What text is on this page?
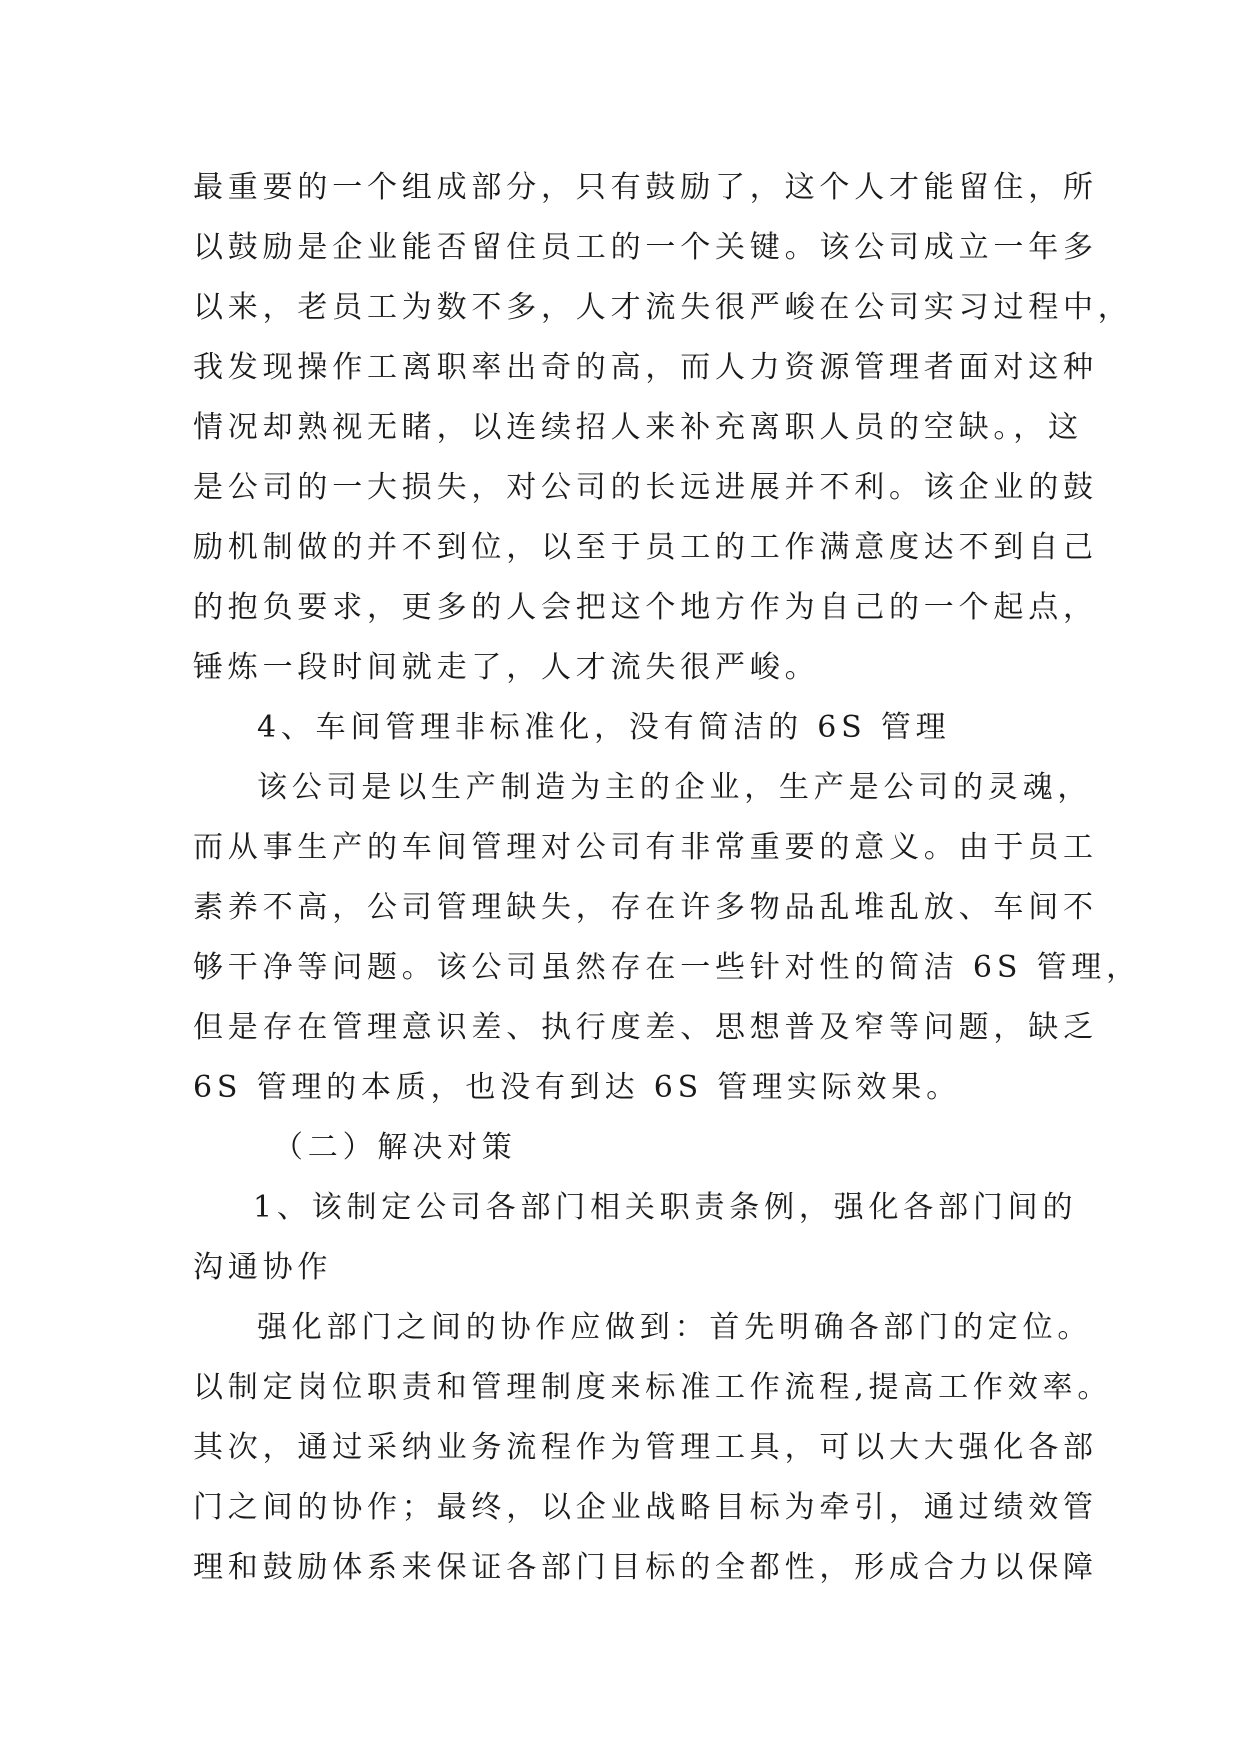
最重要的一个组成部分，只有鼓励了，这个人才能留住，所
以鼓励是企业能否留住员工的一个关键。该公司成立一年多
以来，老员工为数不多，人才流失很严峻在公司实习过程中，
我发现操作工离职率出奇的高，而人力资源管理者面对这种
情况却熟视无睹，以连续招人来补充离职人员的空缺。，这
是公司的一大损失，对公司的长远进展并不利。该企业的鼓
励机制做的并不到位，以至于员工的工作满意度达不到自己
的抱负要求，更多的人会把这个地方作为自己的一个起点，
锤炼一段时间就走了，人才流失很严峻。
4、车间管理非标准化，没有简洁的 6S 管理
该公司是以生产制造为主的企业，生产是公司的灵魂，
而从事生产的车间管理对公司有非常重要的意义。由于员工
素养不高，公司管理缺失，存在许多物品乱堆乱放、车间不
够干净等问题。该公司虽然存在一些针对性的简洁 6S 管理，
但是存在管理意识差、执行度差、思想普及窄等问题，缺乏
6S 管理的本质，也没有到达 6S 管理实际效果。
（二）解决对策
1、该制定公司各部门相关职责条例，强化各部门间的
沟通协作
强化部门之间的协作应做到：首先明确各部门的定位。
以制定岗位职责和管理制度来标准工作流程,提高工作效率。
其次，通过采纳业务流程作为管理工具，可以大大强化各部
门之间的协作；最终，以企业战略目标为牵引，通过绩效管
理和鼓励体系来保证各部门目标的全都性，形成合力以保障
